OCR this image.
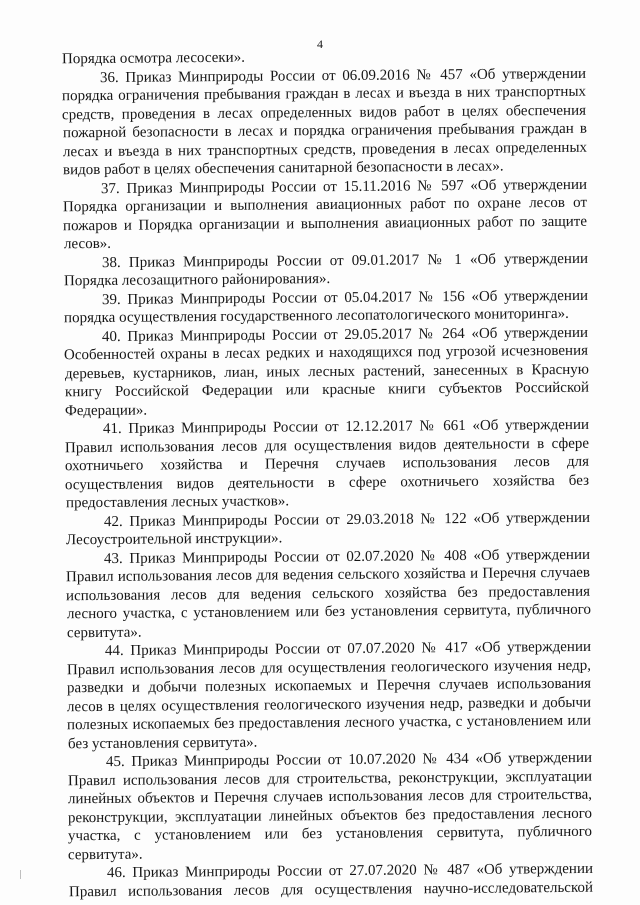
4
Порядка осмотра лесосеки».
36. Приказ Минприроды России от 06.09.2016 № 457 «Об утверждении
порядка ограничения пребывания граждан в лесах и въезда в них транспортных
средств, проведения в лесах определенных видов работ в целях обеспечения
пожарной безопасности в лесах и порядка ограничения пребывания граждан в
лесах и въезда в них транспортных средств, проведения в лесах определенных
видов работ в целях обеспечения санитарной безопасности в лесах».
37. Приказ Минприроды России от 15.11.2016 № 597 «Об утверждении
Порядка организации и выполнения авиационных работ по охране лесов от
пожаров и Порядка организации и выполнения авиационных работ по защите
лесов».
38. Приказ Минприроды России от 09.01.2017 № 1 «Об утверждении
Порядка лесозащитного районирования».
39. Приказ Минприроды России от 05.04.2017 № 156 «Об утверждении
порядка осуществления государственного лесопатологического мониторинга».
40. Приказ Минприроды России от 29.05.2017 № 264 «Об утверждении
Особенностей охраны в лесах редких и находящихся под угрозой исчезновения
деревьев, кустарников, лиан, иных лесных растений, занесенных в Красную
книгу Российской Федерации или красные книги субъектов Российской
Федерации».
41. Приказ Минприроды России от 12.12.2017 № 661 «Об утверждении
Правил использования лесов для осуществления видов деятельности в сфере
охотничьего хозяйства и Перечня случаев использования лесов для
осуществления видов деятельности в сфере охотничьего хозяйства без
предоставления лесных участков».
42. Приказ Минприроды России от 29.03.2018 № 122 «Об утверждении
Лесоустроительной инструкции».
43. Приказ Минприроды России от 02.07.2020 № 408 «Об утверждении
Правил использования лесов для ведения сельского хозяйства и Перечня случаев
использования лесов для ведения сельского хозяйства без предоставления
лесного участка, с установлением или без установления сервитута, публичного
сервитута».
44. Приказ Минприроды России от 07.07.2020 № 417 «Об утверждении
Правил использования лесов для осуществления геологического изучения недр,
разведки и добычи полезных ископаемых и Перечня случаев использования
лесов в целях осуществления геологического изучения недр, разведки и добычи
полезных ископаемых без предоставления лесного участка, с установлением или
без установления сервитута».
45. Приказ Минприроды России от 10.07.2020 № 434 «Об утверждении
Правил использования лесов для строительства, реконструкции, эксплуатации
линейных объектов и Перечня случаев использования лесов для строительства,
реконструкции, эксплуатации линейных объектов без предоставления лесного
участка, с установлением или без установления сервитута, публичного
сервитута».
46. Приказ Минприроды России от 27.07.2020 № 487 «Об утверждении
Правил использования лесов для осуществления научно-исследовательской
